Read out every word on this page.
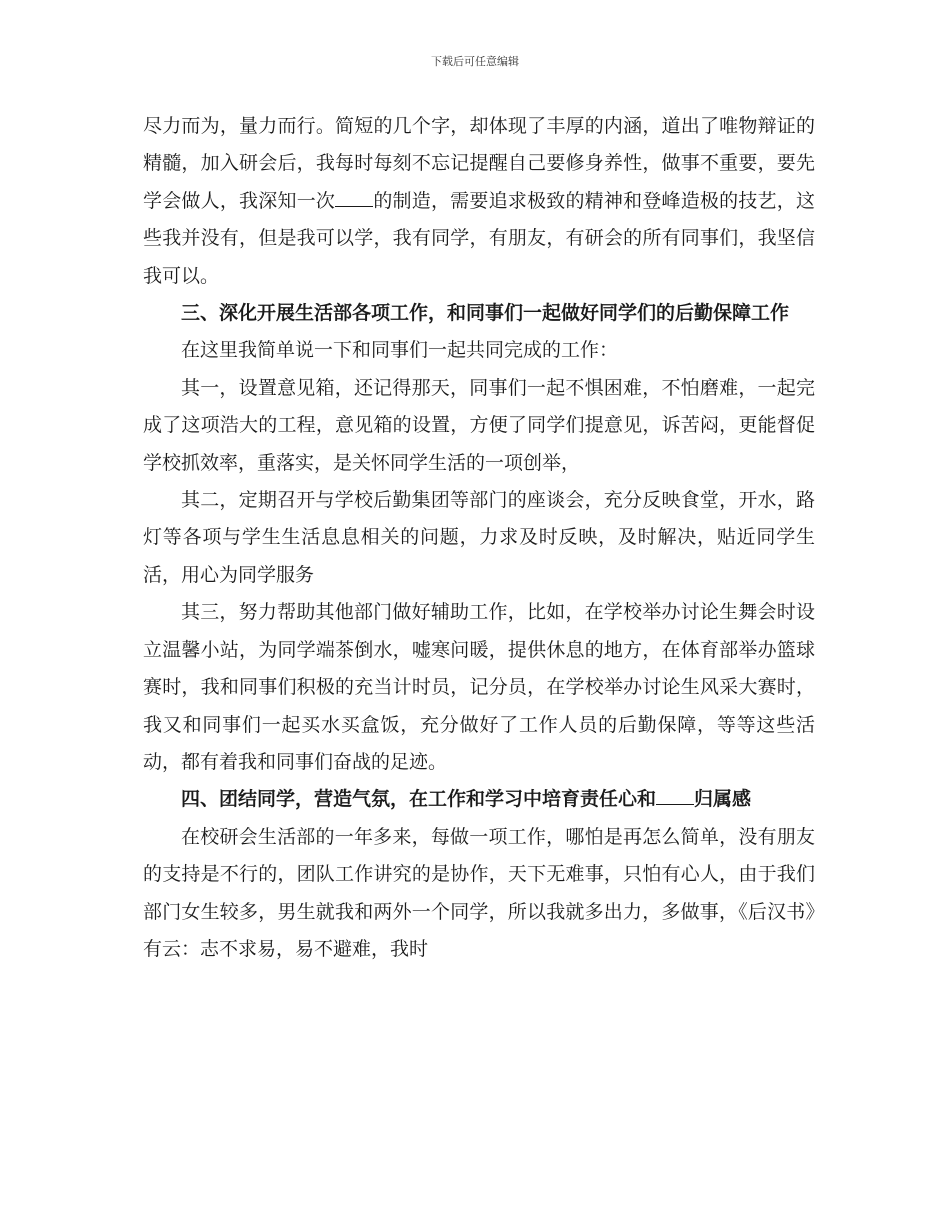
下载后可任意编辑

尽力而为，量力而行。简短的几个字，却体现了丰厚的内涵，道出了唯物辩证的精髓，加入研会后，我每时每刻不忘记提醒自己要修身养性，做事不重要，要先学会做人，我深知一次 的制造，需要追求极致的精神和登峰造极的技艺，这些我并没有，但是我可以学，我有同学，有朋友，有研会的所有同事们，我坚信我可以。

三、深化开展生活部各项工作，和同事们一起做好同学们的后勤保障工作

在这里我简单说一下和同事们一起共同完成的工作：

其一，设置意见箱，还记得那天，同事们一起不惧困难，不怕磨难，一起完成了这项浩大的工程，意见箱的设置，方便了同学们提意见，诉苦闷，更能督促学校抓效率，重落实，是关怀同学生活的一项创举，

其二，定期召开与学校后勤集团等部门的座谈会，充分反映食堂，开水，路灯等各项与学生生活息息相关的问题，力求及时反映，及时解决，贴近同学生活，用心为同学服务

其三，努力帮助其他部门做好辅助工作，比如，在学校举办讨论生舞会时设立温馨小站，为同学端茶倒水，嘘寒问暖，提供休息的地方，在体育部举办篮球赛时，我和同事们积极的充当计时员，记分员，在学校举办讨论生风采大赛时，我又和同事们一起买水买盒饭，充分做好了工作人员的后勤保障，等等这些活动，都有着我和同事们奋战的足迹。

四、团结同学，营造气氛，在工作和学习中培育责任心和 归属感

在校研会生活部的一年多来，每做一项工作，哪怕是再怎么简单，没有朋友的支持是不行的，团队工作讲究的是协作，天下无难事，只怕有心人，由于我们部门女生较多，男生就我和两外一个同学，所以我就多出力，多做事，《后汉书》有云：志不求易，易不避难，我时
